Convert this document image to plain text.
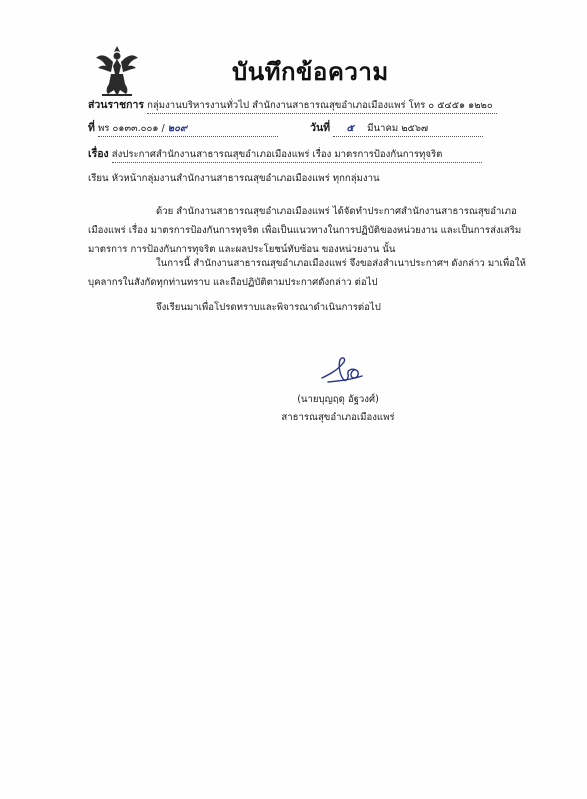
บันทึกข้อความ
ส่วนราชการ กลุ่มงานบริหารงานทั่วไป สำนักงานสาธารณสุขอำเภอเมืองแพร่ โทร ๐ ๕๔๕๑ ๑๒๒๐
ที่ พร ๐๑๓๓.๐๐๑ / ๒๐๙	วันที่ ๕ มีนาคม ๒๕๖๗
เรื่อง ส่งประกาศสำนักงานสาธารณสุขอำเภอเมืองแพร่ เรื่อง มาตรการป้องกันการทุจริต
เรียน หัวหน้ากลุ่มงานสำนักงานสาธารณสุขอำเภอเมืองแพร่ ทุกกลุ่มงาน
ด้วย สำนักงานสาธารณสุขอำเภอเมืองแพร่ ได้จัดทำประกาศสำนักงานสาธารณสุขอำเภอเมืองแพร่ เรื่อง มาตรการป้องกันการทุจริต เพื่อเป็นแนวทางในการปฏิบัติของหน่วยงาน และเป็นการส่งเสริมมาตรการ การป้องกันการทุจริต และผลประโยชน์ทับซ้อน ของหน่วยงาน นั้น
ในการนี้ สำนักงานสาธารณสุขอำเภอเมืองแพร่ จึงขอส่งสำเนาประกาศฯ ดังกล่าว มาเพื่อให้บุคลากรในสังกัดทุกท่านทราบ และถือปฏิบัติตามประกาศดังกล่าว ต่อไป
จึงเรียนมาเพื่อโปรดทราบและพิจารณาดำเนินการต่อไป
(นายบุญฤดุ อัฐวงศ์)
สาธารณสุขอำเภอเมืองแพร่
